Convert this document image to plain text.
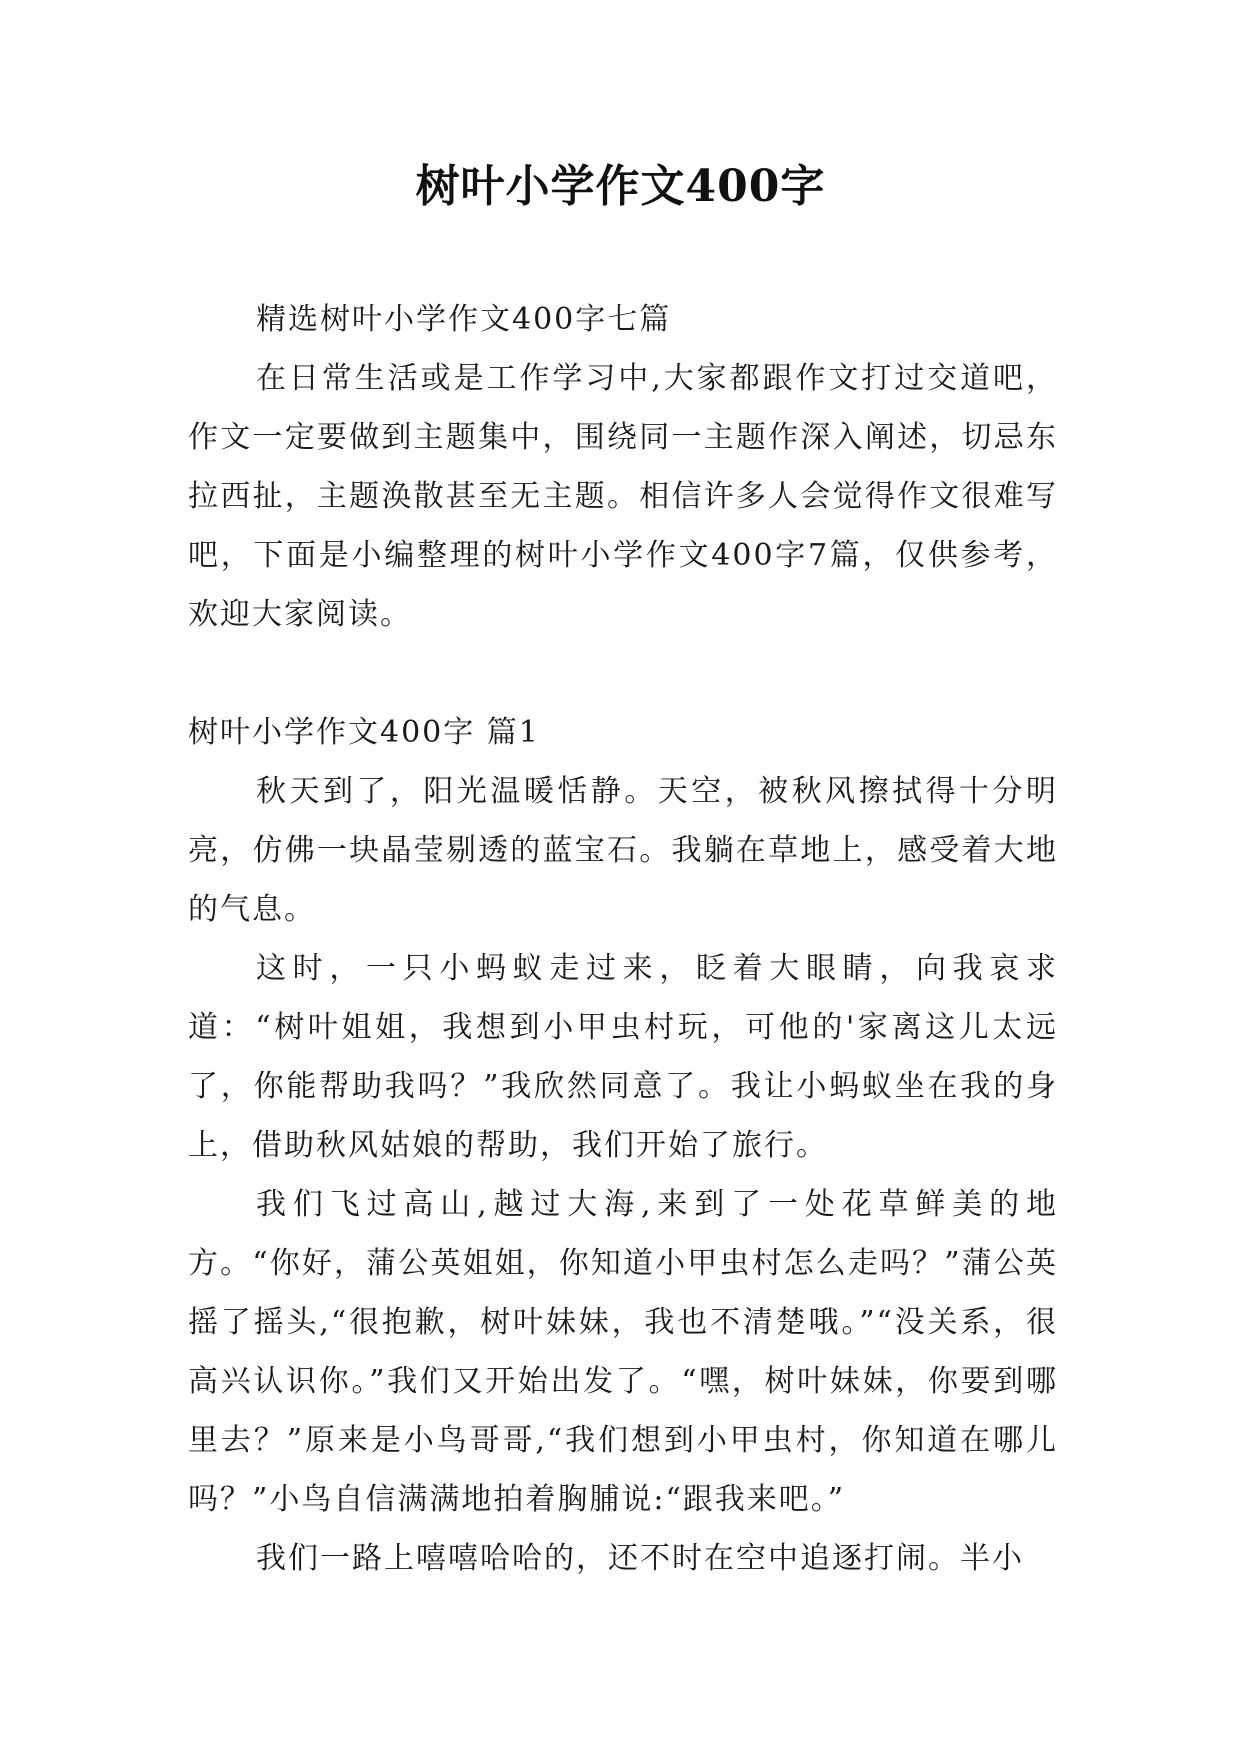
树叶小学作文400字

精选树叶小学作文400字七篇

在日常生活或是工作学习中,大家都跟作文打过交道吧，作文一定要做到主题集中，围绕同一主题作深入阐述，切忌东拉西扯，主题涣散甚至无主题。相信许多人会觉得作文很难写吧，下面是小编整理的树叶小学作文400字7篇，仅供参考，欢迎大家阅读。

树叶小学作文400字 篇1

秋天到了，阳光温暖恬静。天空，被秋风擦拭得十分明亮，仿佛一块晶莹剔透的蓝宝石。我躺在草地上，感受着大地的气息。

这时，一只小蚂蚁走过来，眨着大眼睛，向我哀求道：“树叶姐姐，我想到小甲虫村玩，可他的'家离这儿太远了，你能帮助我吗？”我欣然同意了。我让小蚂蚁坐在我的身上，借助秋风姑娘的帮助，我们开始了旅行。

我们飞过高山,越过大海,来到了一处花草鲜美的地方。“你好，蒲公英姐姐，你知道小甲虫村怎么走吗？”蒲公英摇了摇头,“很抱歉，树叶妹妹，我也不清楚哦。”“没关系，很高兴认识你。”我们又开始出发了。“嘿，树叶妹妹，你要到哪里去？”原来是小鸟哥哥,“我们想到小甲虫村，你知道在哪儿吗？”小鸟自信满满地拍着胸脯说:“跟我来吧。”

我们一路上嘻嘻哈哈的，还不时在空中追逐打闹。半小
